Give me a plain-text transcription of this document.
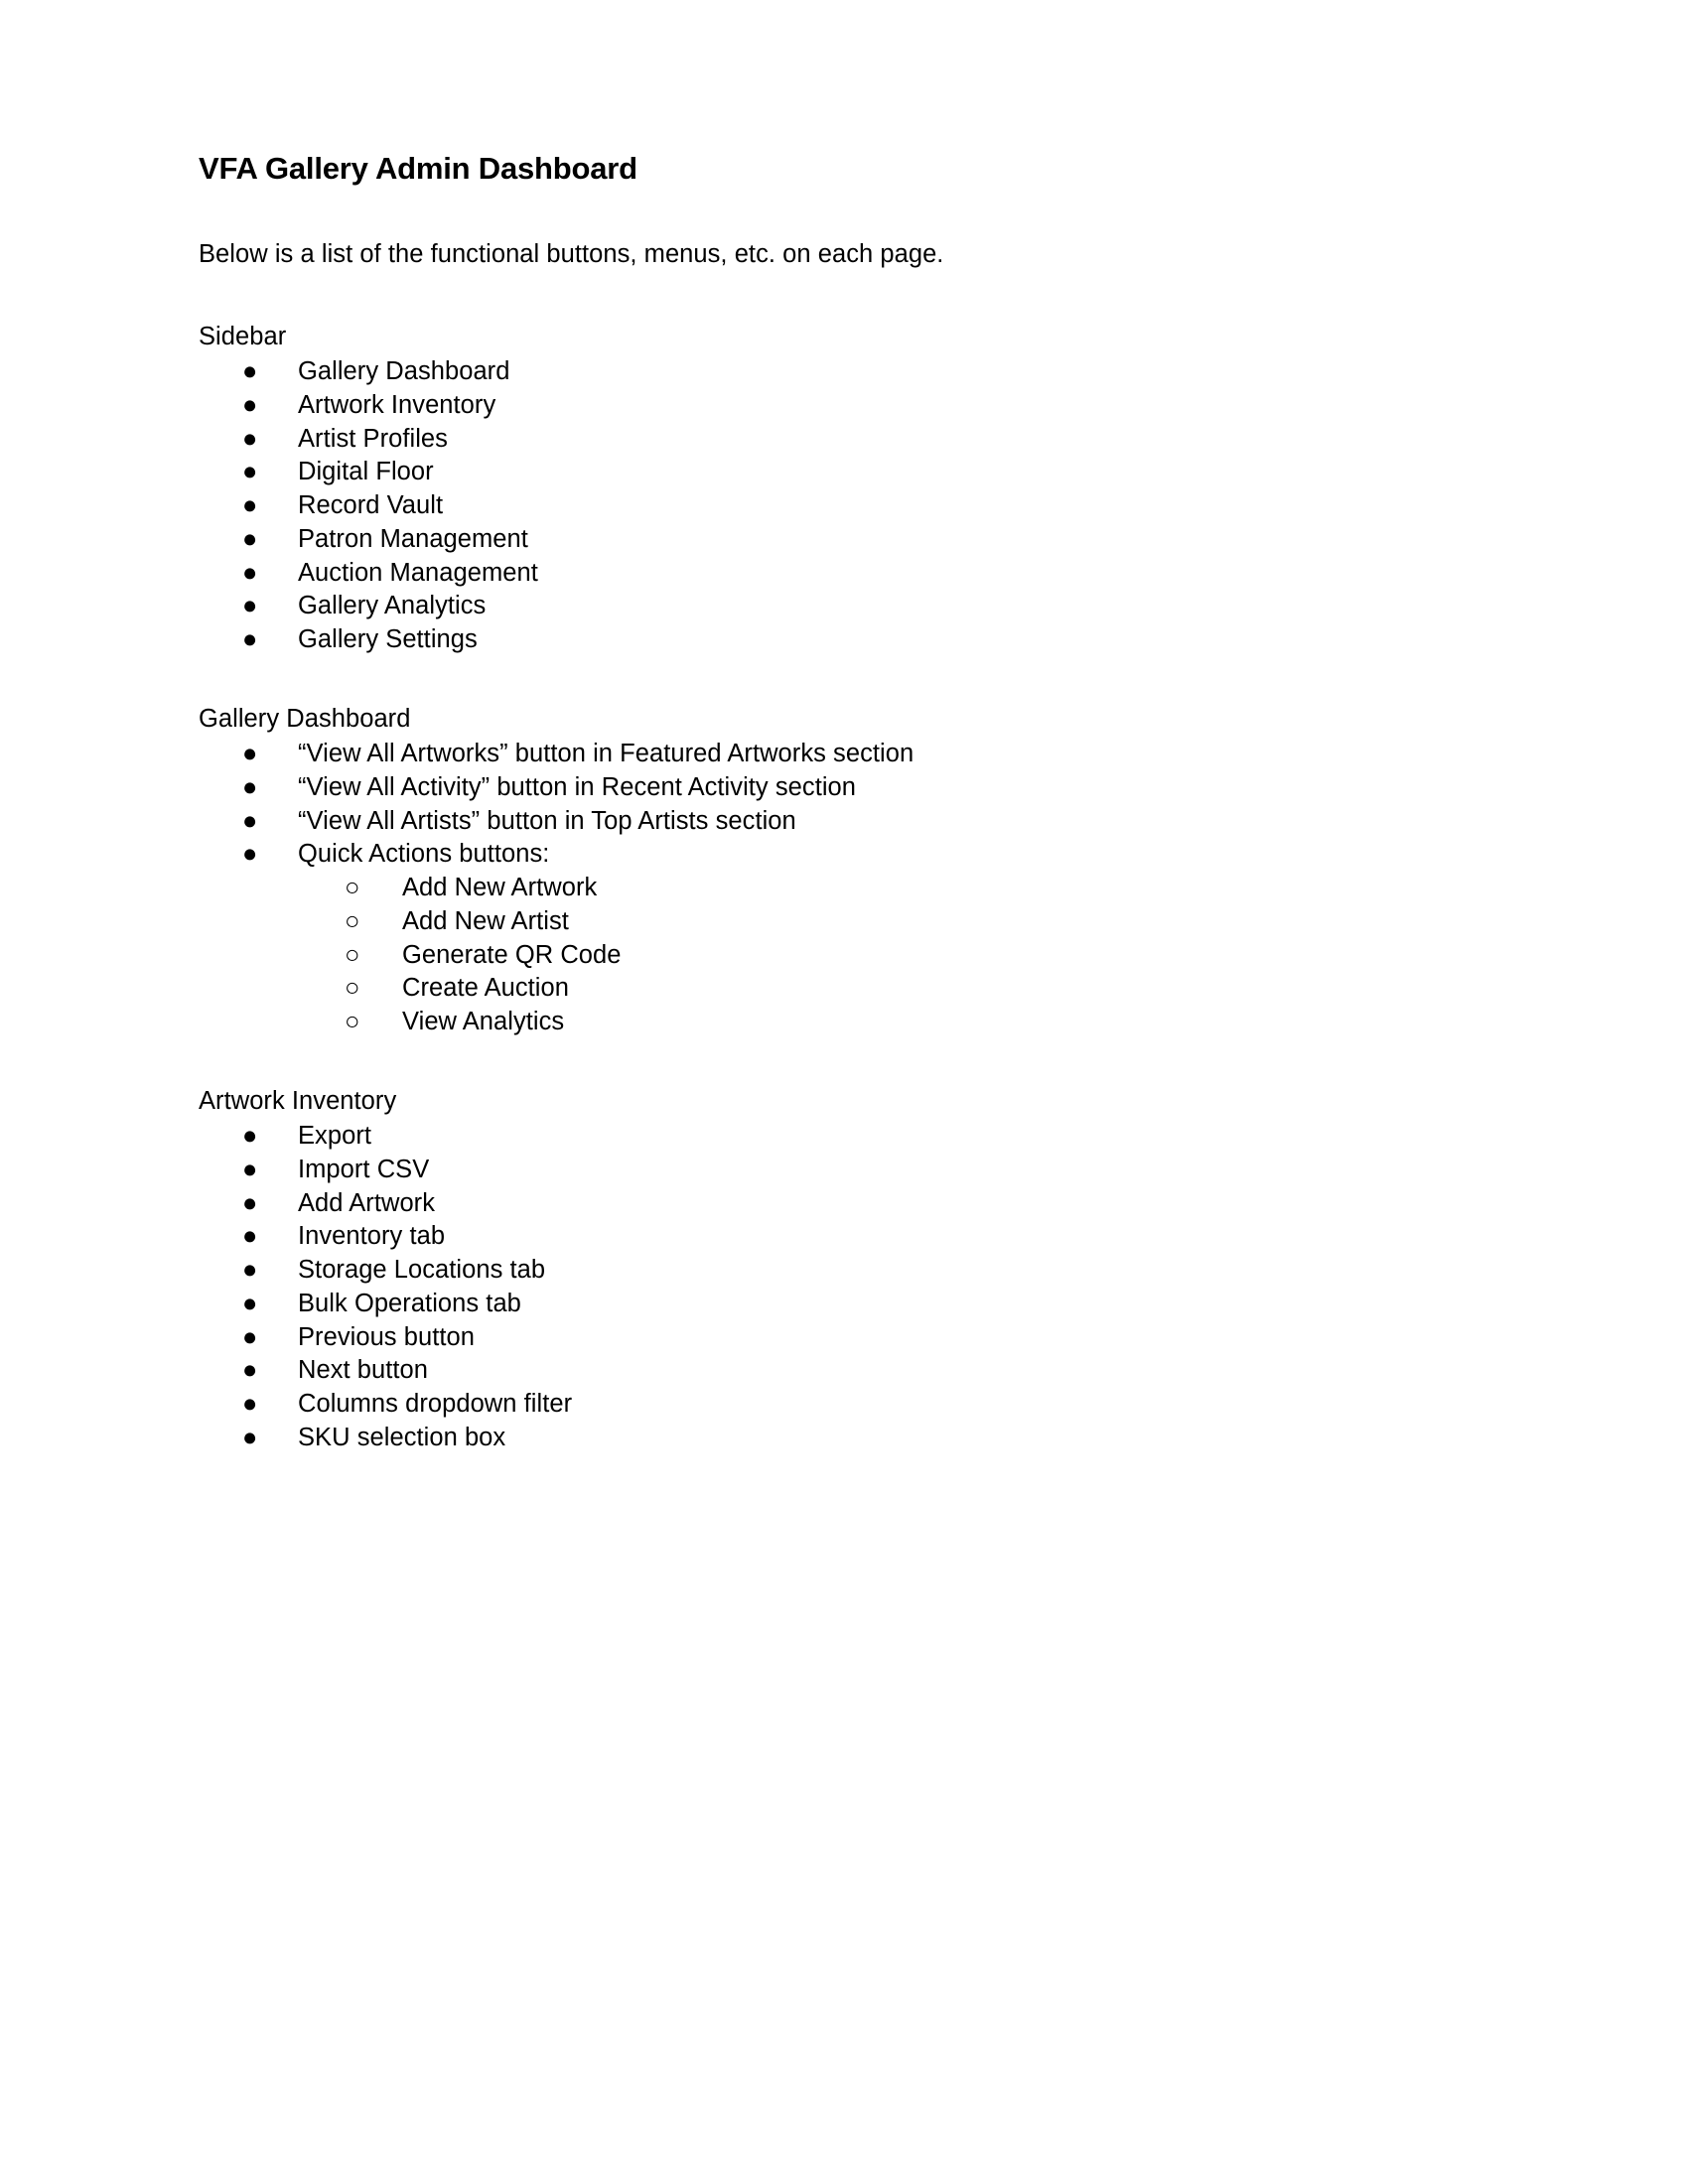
VFA Gallery Admin Dashboard

Below is a list of the functional buttons, menus, etc. on each page.

Sidebar
● Gallery Dashboard
● Artwork Inventory
● Artist Profiles
● Digital Floor
● Record Vault
● Patron Management
● Auction Management
● Gallery Analytics
● Gallery Settings
Gallery Dashboard
● “View All Artworks” button in Featured Artworks section
● “View All Activity” button in Recent Activity section
● “View All Artists” button in Top Artists section
● Quick Actions buttons:
○ Add New Artwork
○ Add New Artist
○ Generate QR Code
○ Create Auction
○ View Analytics
Artwork Inventory
● Export
● Import CSV
● Add Artwork
● Inventory tab
● Storage Locations tab
● Bulk Operations tab
● Previous button
● Next button
● Columns dropdown filter
● SKU selection box
